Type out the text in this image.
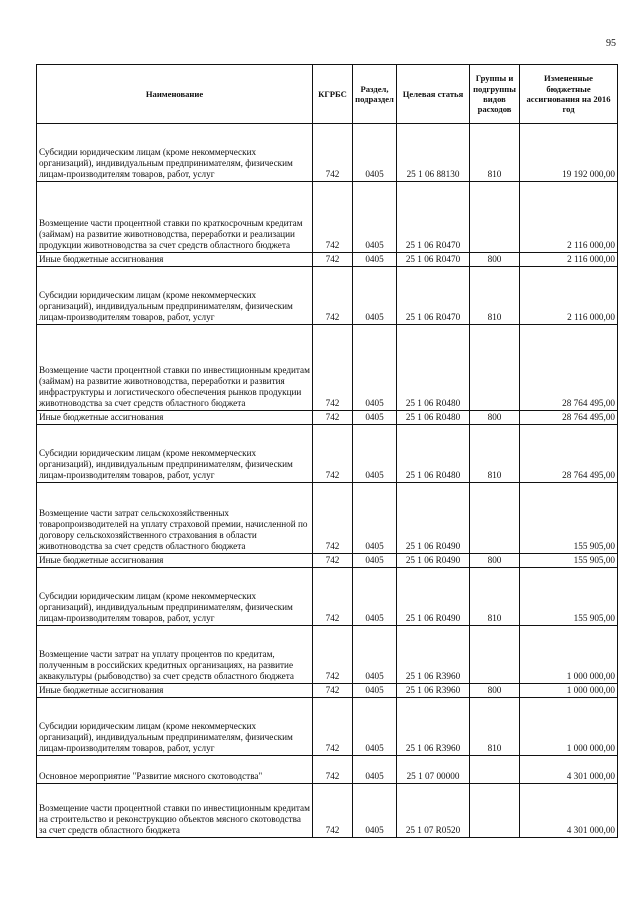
95
Наименование	КГРБС	Раздел, подраздел	Целевая статья	Группы и подгруппы видов расходов	Измененные бюджетные ассигнования на 2016 год
Субсидии юридическим лицам (кроме некоммерческих организаций), индивидуальным предпринимателям, физическим лицам-производителям товаров, работ, услуг	742	0405	25 1 06 88130	810	19 192 000,00
Возмещение части процентной ставки по краткосрочным кредитам (займам) на развитие животноводства, переработки и реализации продукции животноводства за счет средств областного бюджета	742	0405	25 1 06 R0470		2 116 000,00
Иные бюджетные ассигнования	742	0405	25 1 06 R0470	800	2 116 000,00
Субсидии юридическим лицам (кроме некоммерческих организаций), индивидуальным предпринимателям, физическим лицам-производителям товаров, работ, услуг	742	0405	25 1 06 R0470	810	2 116 000,00
Возмещение части процентной ставки по инвестиционным кредитам (займам) на развитие животноводства, переработки и развития инфраструктуры и логистического обеспечения рынков продукции животноводства за счет средств областного бюджета	742	0405	25 1 06 R0480		28 764 495,00
Иные бюджетные ассигнования	742	0405	25 1 06 R0480	800	28 764 495,00
Субсидии юридическим лицам (кроме некоммерческих организаций), индивидуальным предпринимателям, физическим лицам-производителям товаров, работ, услуг	742	0405	25 1 06 R0480	810	28 764 495,00
Возмещение части затрат сельскохозяйственных товаропроизводителей на уплату страховой премии, начисленной по договору сельскохозяйственного страхования в области животноводства за счет средств областного бюджета	742	0405	25 1 06 R0490		155 905,00
Иные бюджетные ассигнования	742	0405	25 1 06 R0490	800	155 905,00
Субсидии юридическим лицам (кроме некоммерческих организаций), индивидуальным предпринимателям, физическим лицам-производителям товаров, работ, услуг	742	0405	25 1 06 R0490	810	155 905,00
Возмещение части затрат на уплату процентов по кредитам, полученным в российских кредитных организациях, на развитие аквакультуры (рыбоводство) за счет средств областного бюджета	742	0405	25 1 06 R3960		1 000 000,00
Иные бюджетные ассигнования	742	0405	25 1 06 R3960	800	1 000 000,00
Субсидии юридическим лицам (кроме некоммерческих организаций), индивидуальным предпринимателям, физическим лицам-производителям товаров, работ, услуг	742	0405	25 1 06 R3960	810	1 000 000,00
Основное мероприятие "Развитие мясного скотоводства"	742	0405	25 1 07 00000		4 301 000,00
Возмещение части процентной ставки по инвестиционным кредитам на строительство и реконструкцию объектов мясного скотоводства за счет средств областного бюджета	742	0405	25 1 07 R0520		4 301 000,00
